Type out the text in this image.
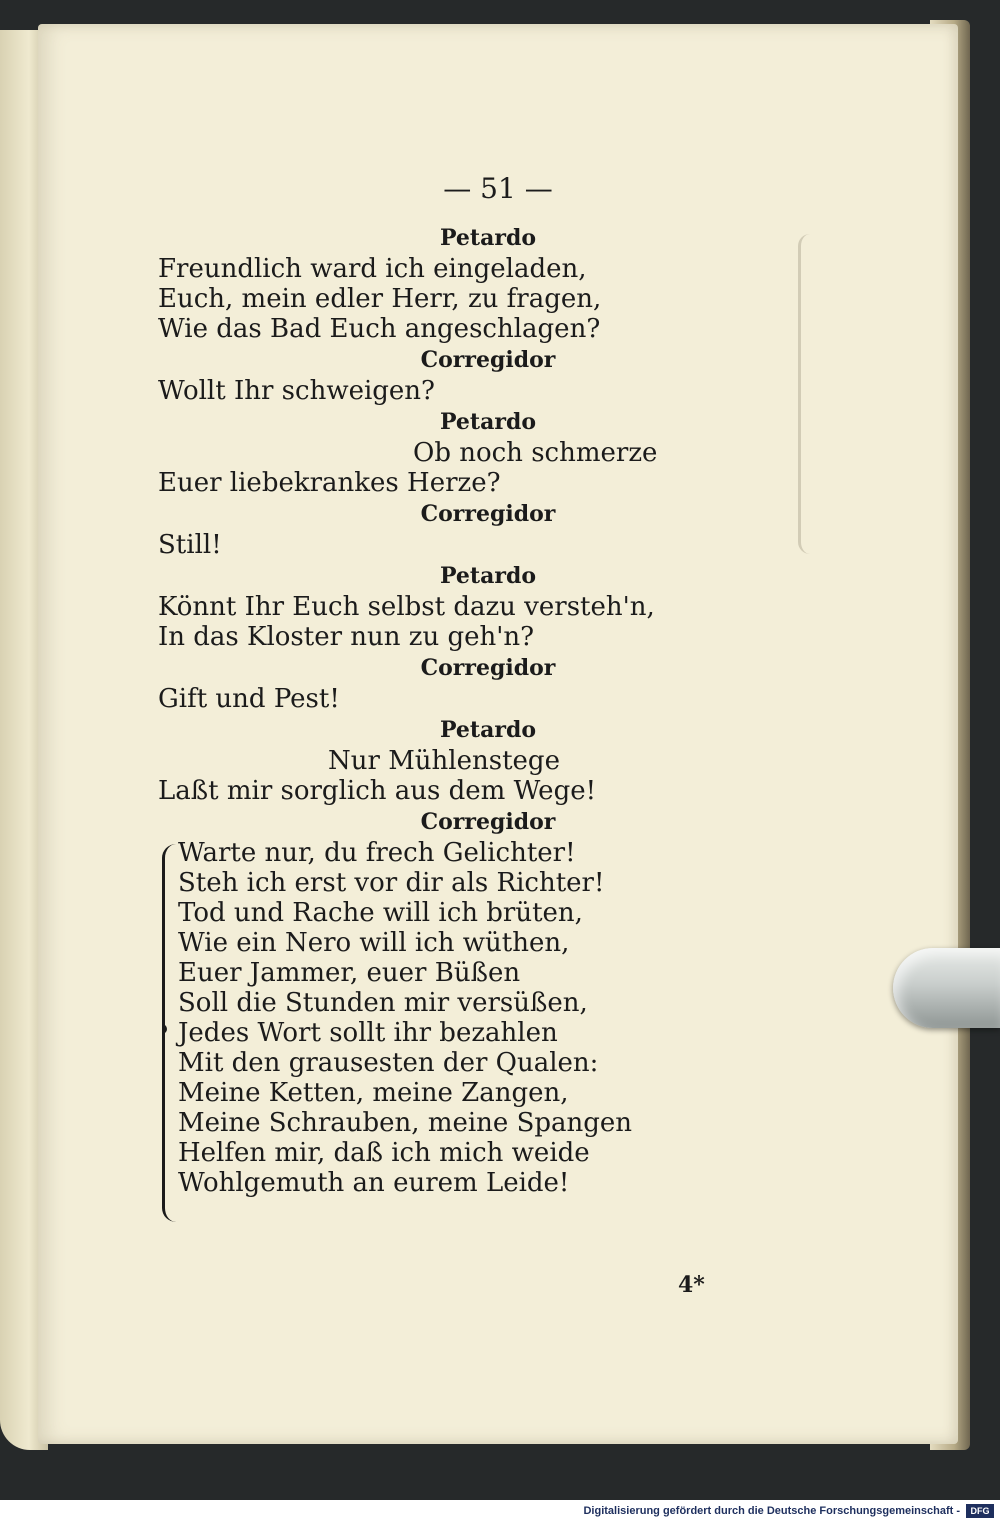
— 51 —
Petardo
Freundlich ward ich eingeladen,
Euch, mein edler Herr, zu fragen,
Wie das Bad Euch angeschlagen?
Corregidor
Wollt Ihr schweigen?
Petardo
Ob noch schmerze
Euer liebekrankes Herze?
Corregidor
Still!
Petardo
Könnt Ihr Euch selbst dazu versteh'n,
In das Kloster nun zu geh'n?
Corregidor
Gift und Pest!
Petardo
Nur Mühlenstege
Laßt mir sorglich aus dem Wege!
Corregidor
Warte nur, du frech Gelichter!
Steh ich erst vor dir als Richter!
Tod und Rache will ich brüten,
Wie ein Nero will ich wüthen,
Euer Jammer, euer Büßen
Soll die Stunden mir versüßen,
Jedes Wort sollt ihr bezahlen
Mit den grausesten der Qualen:
Meine Ketten, meine Zangen,
Meine Schrauben, meine Spangen
Helfen mir, daß ich mich weide
Wohlgemuth an eurem Leide!
4*
Digitalisierung gefördert durch die Deutsche Forschungsgemeinschaft -	DFG
